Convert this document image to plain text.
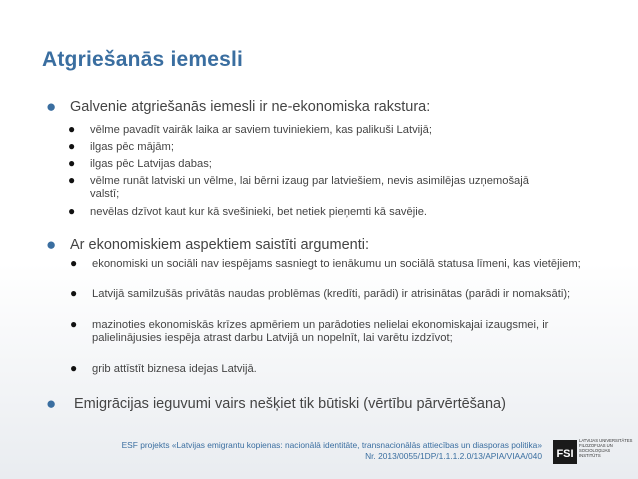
Atgriešanās iemesli
● Galvenie atgriešanās iemesli ir ne-ekonomiska rakstura:
● vēlme pavadīt vairāk laika ar saviem tuviniekiem, kas palikuši Latvijā;
● ilgas pēc mājām;
● ilgas pēc Latvijas dabas;
● vēlme runāt latviski un vēlme, lai bērni izaug par latviešiem, nevis asimilējas uzņemošajā valstī;
● nevēlas dzīvot kaut kur kā svešinieki, bet netiek pieņemti kā savējie.
● Ar ekonomiskiem aspektiem saistīti argumenti:
● ekonomiski un sociāli nav iespējams sasniegt to ienākumu un sociālā statusa līmeni, kas vietējiem;
● Latvijā samilzušās privātās naudas problēmas (kredīti, parādi) ir atrisinātas (parādi ir nomaksāti);
● mazinoties ekonomiskās krīzes apmēriem un parādoties nelielai ekonomiskajai izaugsmei, ir palielinājusies iespēja atrast darbu Latvijā un nopelnīt, lai varētu izdzīvot;
● grib attīstīt biznesa idejas Latvijā.
● Emigrācijas ieguvumi vairs nešķiet tik būtiski (vērtību pārvērtēšana)
ESF projekts «Latvijas emigrantu kopienas: nacionālā identitāte, transnacionālās attiecības un diasporas politika»
Nr. 2013/0055/1DP/1.1.1.2.0/13/APIA/VIAA/040 FSI
LATVIJAS UNIVERSITĀTES
FILOZOFIJAS UN
SOCIOLOĢIJAS
INSTITŪTS
